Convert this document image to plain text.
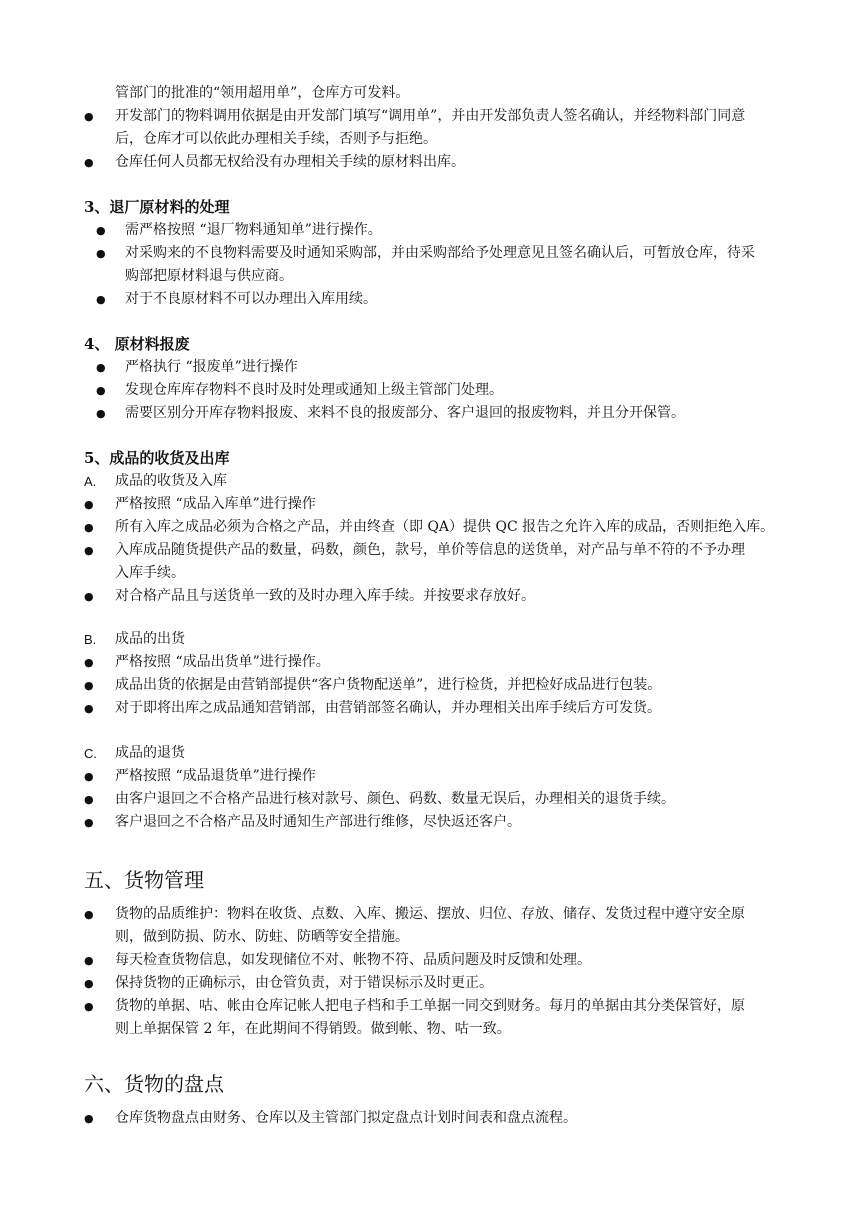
管部门的批准的“领用超用单”，仓库方可发料。
● 开发部门的物料调用依据是由开发部门填写“调用单”，并由开发部负责人签名确认，并经物料部门同意
后，仓库才可以依此办理相关手续，否则予与拒绝。
● 仓库任何人员都无权给没有办理相关手续的原材料出库。
3、退厂原材料的处理
● 需严格按照 “退厂物料通知单”进行操作。
● 对采购来的不良物料需要及时通知采购部，并由采购部给予处理意见且签名确认后，可暂放仓库，待采
购部把原材料退与供应商。
● 对于不良原材料不可以办理出入库用续。
4、 原材料报废
● 严格执行 “报废单”进行操作
● 发现仓库库存物料不良时及时处理或通知上级主管部门处理。
● 需要区别分开库存物料报废、来料不良的报废部分、客户退回的报废物料，并且分开保管。
5、成品的收货及出库
A. 成品的收货及入库
● 严格按照 “成品入库单”进行操作
● 所有入库之成品必须为合格之产品，并由终查（即 QA）提供 QC 报告之允许入库的成品，否则拒绝入库。
● 入库成品随货提供产品的数量，码数，颜色，款号，单价等信息的送货单，对产品与单不符的不予办理
入库手续。
● 对合格产品且与送货单一致的及时办理入库手续。并按要求存放好。
B. 成品的出货
● 严格按照 “成品出货单”进行操作。
● 成品出货的依据是由营销部提供“客户货物配送单”，进行检货，并把检好成品进行包装。
● 对于即将出库之成品通知营销部，由营销部签名确认，并办理相关出库手续后方可发货。
C. 成品的退货
● 严格按照 “成品退货单”进行操作
● 由客户退回之不合格产品进行核对款号、颜色、码数、数量无误后，办理相关的退货手续。
● 客户退回之不合格产品及时通知生产部进行维修，尽快返还客户。
五、货物管理
● 货物的品质维护：物料在收货、点数、入库、搬运、摆放、归位、存放、储存、发货过程中遵守安全原
则，做到防损、防水、防蛀、防晒等安全措施。
● 每天检查货物信息，如发现储位不对、帐物不符、品质问题及时反馈和处理。
● 保持货物的正确标示，由仓管负责，对于错误标示及时更正。
● 货物的单据、咕、帐由仓库记帐人把电子档和手工单据一同交到财务。每月的单据由其分类保管好，原
则上单据保管 2 年，在此期间不得销毁。做到帐、物、咕一致。
六、货物的盘点
● 仓库货物盘点由财务、仓库以及主管部门拟定盘点计划时间表和盘点流程。
